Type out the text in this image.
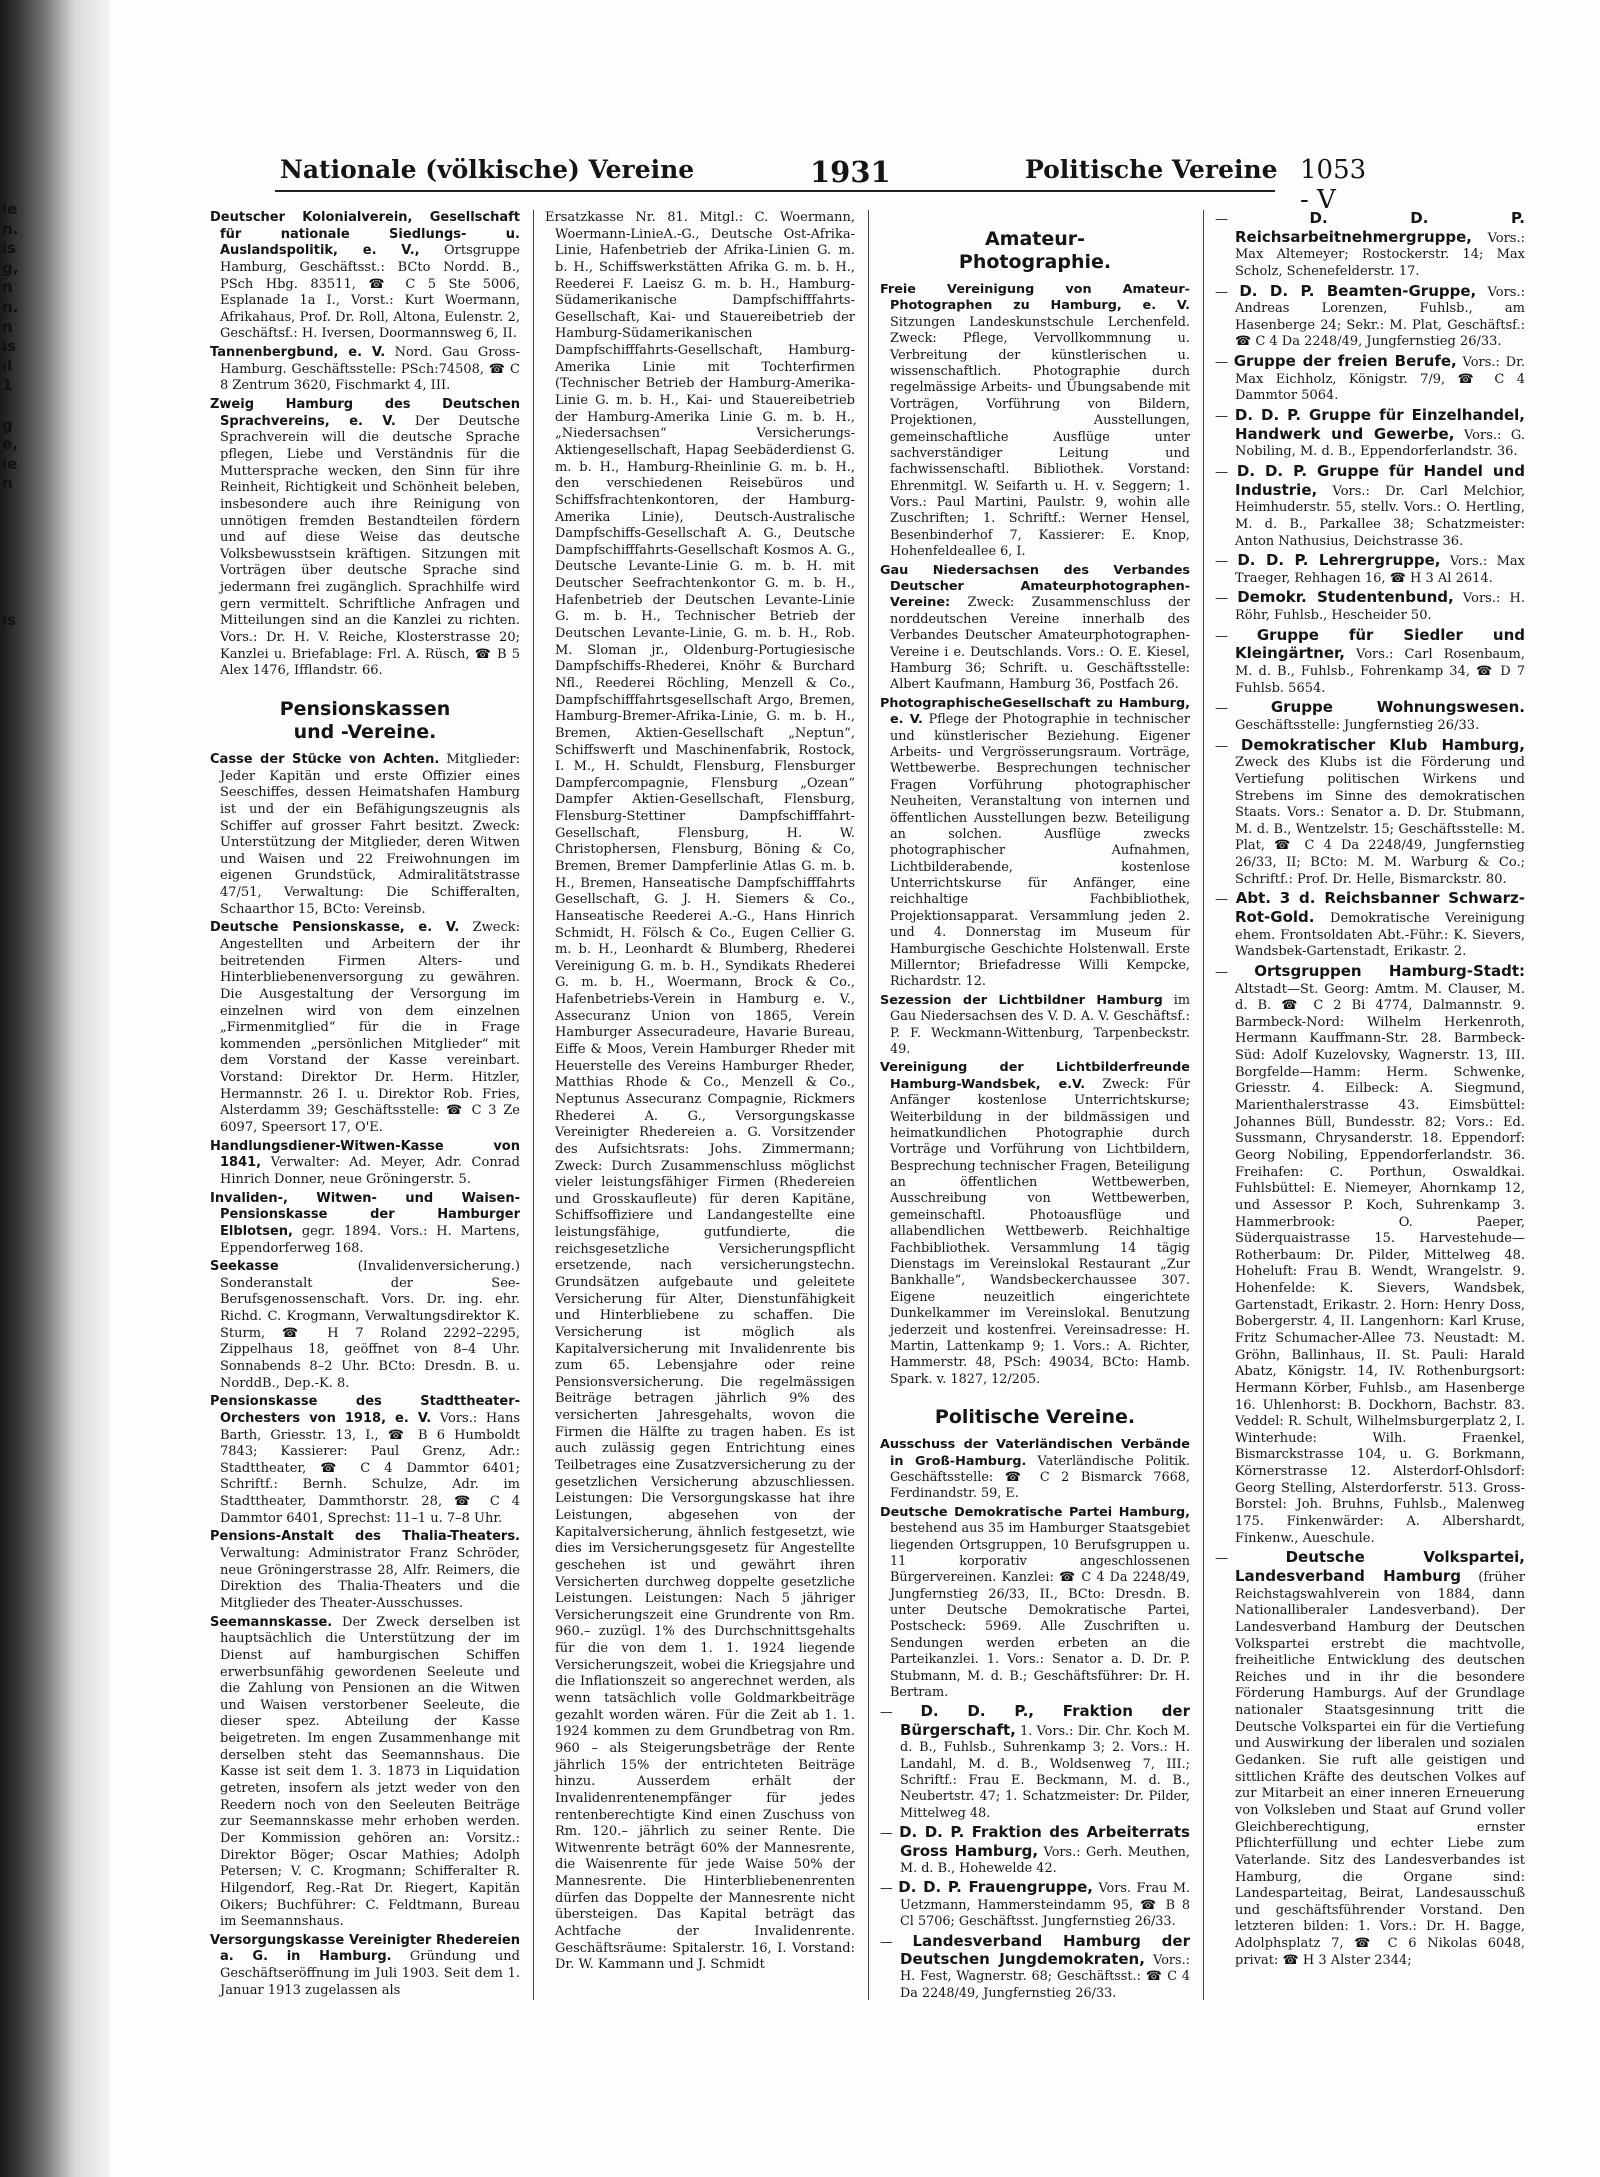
le
n.
is
g,
n
n.
n
ıs
ıl
1
g
e,
ie
n
ıs
Nationale (völkische) Vereine	1931	Politische Vereine 1053 - V
Deutscher Kolonialverein, Gesellschaft für nationale Siedlungs- u. Auslandspolitik, e. V., Ortsgruppe Hamburg, Geschäftsst.: BCto Nordd. B., PSch Hbg. 83511, ☎ C 5 Ste 5006, Esplanade 1a I., Vorst.: Kurt Woermann, Afrikahaus, Prof. Dr. Roll, Altona, Eulenstr. 2, Geschäftsf.: H. Iversen, Doormannsweg 6, II.
Tannenbergbund, e. V. Nord. Gau Gross-Hamburg. Geschäftsstelle: PSch:74508, ☎ C 8 Zentrum 3620, Fischmarkt 4, III.
Zweig Hamburg des Deutschen Sprachvereins, e. V. Der Deutsche Sprachverein will die deutsche Sprache pflegen, Liebe und Verständnis für die Muttersprache wecken, den Sinn für ihre Reinheit, Richtigkeit und Schönheit beleben, insbesondere auch ihre Reinigung von unnötigen fremden Bestandteilen fördern und auf diese Weise das deutsche Volksbewusstsein kräftigen. Sitzungen mit Vorträgen über deutsche Sprache sind jedermann frei zugänglich. Sprachhilfe wird gern vermittelt. Schriftliche Anfragen und Mitteilungen sind an die Kanzlei zu richten. Vors.: Dr. H. V. Reiche, Klosterstrasse 20; Kanzlei u. Briefablage: Frl. A. Rüsch, ☎ B 5 Alex 1476, Ifflandstr. 66.
Pensionskassen
und -Vereine.
Casse der Stücke von Achten. Mitglieder: Jeder Kapitän und erste Offizier eines Seeschiffes, dessen Heimatshafen Hamburg ist und der ein Befähigungszeugnis als Schiffer auf grosser Fahrt besitzt. Zweck: Unterstützung der Mitglieder, deren Witwen und Waisen und 22 Freiwohnungen im eigenen Grundstück, Admiralitätstrasse 47/51, Verwaltung: Die Schifferalten, Schaarthor 15, BCto: Vereinsb.
Deutsche Pensionskasse, e. V. Zweck: Angestellten und Arbeitern der ihr beitretenden Firmen Alters- und Hinterbliebenenversorgung zu gewähren. Die Ausgestaltung der Versorgung im einzelnen wird von dem einzelnen „Firmenmitglied“ für die in Frage kommenden „persönlichen Mitglieder“ mit dem Vorstand der Kasse vereinbart. Vorstand: Direktor Dr. Herm. Hitzler, Hermannstr. 26 I. u. Direktor Rob. Fries, Alsterdamm 39; Geschäftsstelle: ☎ C 3 Ze 6097, Speersort 17, O'E.
Handlungsdiener-Witwen-Kasse von 1841, Verwalter: Ad. Meyer, Adr. Conrad Hinrich Donner, neue Gröningerstr. 5.
Invaliden-, Witwen- und Waisen-Pensionskasse der Hamburger Elblotsen, gegr. 1894. Vors.: H. Martens, Eppendorferweg 168.
Seekasse (Invalidenversicherung.) Sonderanstalt der See-Berufsgenossenschaft. Vors. Dr. ing. ehr. Richd. C. Krogmann, Verwaltungsdirektor K. Sturm, ☎ H 7 Roland 2292–2295, Zippelhaus 18, geöffnet von 8–4 Uhr. Sonnabends 8–2 Uhr. BCto: Dresdn. B. u. NorddB., Dep.-K. 8.
Pensionskasse des Stadttheater-Orchesters von 1918, e. V. Vors.: Hans Barth, Griesstr. 13, I., ☎ B 6 Humboldt 7843; Kassierer: Paul Grenz, Adr.: Stadttheater, ☎ C 4 Dammtor 6401; Schriftf.: Bernh. Schulze, Adr. im Stadttheater, Dammthorstr. 28, ☎ C 4 Dammtor 6401, Sprechst: 11–1 u. 7–8 Uhr.
Pensions-Anstalt des Thalia-Theaters. Verwaltung: Administrator Franz Schröder, neue Gröningerstrasse 28, Alfr. Reimers, die Direktion des Thalia-Theaters und die Mitglieder des Theater-Ausschusses.
Seemannskasse. Der Zweck derselben ist hauptsächlich die Unterstützung der im Dienst auf hamburgischen Schiffen erwerbsunfähig gewordenen Seeleute und die Zahlung von Pensionen an die Witwen und Waisen verstorbener Seeleute, die dieser spez. Abteilung der Kasse beigetreten. Im engen Zusammenhange mit derselben steht das Seemannshaus. Die Kasse ist seit dem 1. 3. 1873 in Liquidation getreten, insofern als jetzt weder von den Reedern noch von den Seeleuten Beiträge zur Seemannskasse mehr erhoben werden. Der Kommission gehören an: Vorsitz.: Direktor Böger; Oscar Mathies; Adolph Petersen; V. C. Krogmann; Schifferalter R. Hilgendorf, Reg.-Rat Dr. Riegert, Kapitän Oikers; Buchführer: C. Feldtmann, Bureau im Seemannshaus.
Versorgungskasse Vereinigter Rhedereien a. G. in Hamburg. Gründung und Geschäftseröffnung im Juli 1903. Seit dem 1. Januar 1913 zugelassen als
Ersatzkasse Nr. 81. Mitgl.: C. Woermann, Woermann-LinieA.-G., Deutsche Ost-Afrika-Linie, Hafenbetrieb der Afrika-Linien G. m. b. H., Schiffswerkstätten Afrika G. m. b. H., Reederei F. Laeisz G. m. b. H., Hamburg-Südamerikanische Dampfschifffahrts-Gesellschaft, Kai- und Stauereibetrieb der Hamburg-Südamerikanischen Dampfschifffahrts-Gesellschaft, Hamburg-Amerika Linie mit Tochterfirmen (Technischer Betrieb der Hamburg-Amerika-Linie G. m. b. H., Kai- und Stauereibetrieb der Hamburg-Amerika Linie G. m. b. H., „Niedersachsen“ Versicherungs-Aktiengesellschaft, Hapag Seebäderdienst G. m. b. H., Hamburg-Rheinlinie G. m. b. H., den verschiedenen Reisebüros und Schiffsfrachtenkontoren, der Hamburg-Amerika Linie), Deutsch-Australische Dampfschiffs-Gesellschaft A. G., Deutsche Dampfschifffahrts-Gesellschaft Kosmos A. G., Deutsche Levante-Linie G. m. b. H. mit Deutscher Seefrachtenkontor G. m. b. H., Hafenbetrieb der Deutschen Levante-Linie G. m. b. H., Technischer Betrieb der Deutschen Levante-Linie, G. m. b. H., Rob. M. Sloman jr., Oldenburg-Portugiesische Dampfschiffs-Rhederei, Knöhr & Burchard Nfl., Reederei Röchling, Menzell & Co., Dampfschifffahrtsgesellschaft Argo, Bremen, Hamburg-Bremer-Afrika-Linie, G. m. b. H., Bremen, Aktien-Gesellschaft „Neptun“, Schiffswerft und Maschinenfabrik, Rostock, I. M., H. Schuldt, Flensburg, Flensburger Dampfercompagnie, Flensburg „Ozean“ Dampfer Aktien-Gesellschaft, Flensburg, Flensburg-Stettiner Dampfschifffahrt-Gesellschaft, Flensburg, H. W. Christophersen, Flensburg, Böning & Co, Bremen, Bremer Dampferlinie Atlas G. m. b. H., Bremen, Hanseatische Dampfschifffahrts Gesellschaft, G. J. H. Siemers & Co., Hanseatische Reederei A.-G., Hans Hinrich Schmidt, H. Fölsch & Co., Eugen Cellier G. m. b. H., Leonhardt & Blumberg, Rhederei Vereinigung G. m. b. H., Syndikats Rhederei G. m. b. H., Woermann, Brock & Co., Hafenbetriebs-Verein in Hamburg e. V., Assecuranz Union von 1865, Verein Hamburger Assecuradeure, Havarie Bureau, Eiffe & Moos, Verein Hamburger Rheder mit Heuerstelle des Vereins Hamburger Rheder, Matthias Rhode & Co., Menzell & Co., Neptunus Assecuranz Compagnie, Rickmers Rhederei A. G., Versorgungskasse Vereinigter Rhedereien a. G. Vorsitzender des Aufsichtsrats: Johs. Zimmermann; Zweck: Durch Zusammenschluss möglichst vieler leistungsfähiger Firmen (Rhedereien und Grosskaufleute) für deren Kapitäne, Schiffsoffiziere und Landangestellte eine leistungsfähige, gutfundierte, die reichsgesetzliche Versicherungspflicht ersetzende, nach versicherungstechn. Grundsätzen aufgebaute und geleitete Versicherung für Alter, Dienstunfähigkeit und Hinterbliebene zu schaffen. Die Versicherung ist möglich als Kapitalversicherung mit Invalidenrente bis zum 65. Lebensjahre oder reine Pensionsversicherung. Die regelmässigen Beiträge betragen jährlich 9% des versicherten Jahresgehalts, wovon die Firmen die Hälfte zu tragen haben. Es ist auch zulässig gegen Entrichtung eines Teilbetrages eine Zusatzversicherung zu der gesetzlichen Versicherung abzuschliessen. Leistungen: Die Versorgungskasse hat ihre Leistungen, abgesehen von der Kapitalversicherung, ähnlich festgesetzt, wie dies im Versicherungsgesetz für Angestellte geschehen ist und gewährt ihren Versicherten durchweg doppelte gesetzliche Leistungen. Leistungen: Nach 5 jähriger Versicherungszeit eine Grundrente von Rm. 960.– zuzügl. 1% des Durchschnittsgehalts für die von dem 1. 1. 1924 liegende Versicherungszeit, wobei die Kriegsjahre und die Inflationszeit so angerechnet werden, als wenn tatsächlich volle Goldmarkbeiträge gezahlt worden wären. Für die Zeit ab 1. 1. 1924 kommen zu dem Grundbetrag von Rm. 960 – als Steigerungsbeträge der Rente jährlich 15% der entrichteten Beiträge hinzu. Ausserdem erhält der Invalidenrentenempfänger für jedes rentenberechtigte Kind einen Zuschuss von Rm. 120.– jährlich zu seiner Rente. Die Witwenrente beträgt 60% der Mannesrente, die Waisenrente für jede Waise 50% der Mannesrente. Die Hinterbliebenenrenten dürfen das Doppelte der Mannesrente nicht übersteigen. Das Kapital beträgt das Achtfache der Invalidenrente. Geschäftsräume: Spitalerstr. 16, I. Vorstand: Dr. W. Kammann und J. Schmidt
Amateur-
Photographie.
Freie Vereinigung von Amateur-Photographen zu Hamburg, e. V. Sitzungen Landeskunstschule Lerchenfeld. Zweck: Pflege, Vervollkommnung u. Verbreitung der künstlerischen u. wissenschaftlich. Photographie durch regelmässige Arbeits- und Übungsabende mit Vorträgen, Vorführung von Bildern, Projektionen, Ausstellungen, gemeinschaftliche Ausflüge unter sachverständiger Leitung und fachwissenschaftl. Bibliothek. Vorstand: Ehrenmitgl. W. Seifarth u. H. v. Seggern; 1. Vors.: Paul Martini, Paulstr. 9, wohin alle Zuschriften; 1. Schriftf.: Werner Hensel, Besenbinderhof 7, Kassierer: E. Knop, Hohenfeldeallee 6, I.
Gau Niedersachsen des Verbandes Deutscher Amateurphotographen-Vereine: Zweck: Zusammenschluss der norddeutschen Vereine innerhalb des Verbandes Deutscher Amateurphotographen-Vereine i e. Deutschlands. Vors.: O. E. Kiesel, Hamburg 36; Schrift. u. Geschäftsstelle: Albert Kaufmann, Hamburg 36, Postfach 26.
PhotographischeGesellschaft zu Hamburg, e. V. Pflege der Photographie in technischer und künstlerischer Beziehung. Eigener Arbeits- und Vergrösserungsraum. Vorträge, Wettbewerbe. Besprechungen technischer Fragen Vorführung photographischer Neuheiten, Veranstaltung von internen und öffentlichen Ausstellungen bezw. Beteiligung an solchen. Ausflüge zwecks photographischer Aufnahmen, Lichtbilderabende, kostenlose Unterrichtskurse für Anfänger, eine reichhaltige Fachbibliothek, Projektionsapparat. Versammlung jeden 2. und 4. Donnerstag im Museum für Hamburgische Geschichte Holstenwall. Erste Millerntor; Briefadresse Willi Kempcke, Richardstr. 12.
Sezession der Lichtbildner Hamburg im Gau Niedersachsen des V. D. A. V. Geschäftsf.: P. F. Weckmann-Wittenburg, Tarpenbeckstr. 49.
Vereinigung der Lichtbilderfreunde Hamburg-Wandsbek, e.V. Zweck: Für Anfänger kostenlose Unterrichtskurse; Weiterbildung in der bildmässigen und heimatkundlichen Photographie durch Vorträge und Vorführung von Lichtbildern, Besprechung technischer Fragen, Beteiligung an öffentlichen Wettbewerben, Ausschreibung von Wettbewerben, gemeinschaftl. Photoausflüge und allabendlichen Wettbewerb. Reichhaltige Fachbibliothek. Versammlung 14 tägig Dienstags im Vereinslokal Restaurant „Zur Bankhalle“, Wandsbeckerchaussee 307. Eigene neuzeitlich eingerichtete Dunkelkammer im Vereinslokal. Benutzung jederzeit und kostenfrei. Vereinsadresse: H. Martin, Lattenkamp 9; 1. Vors.: A. Richter, Hammerstr. 48, PSch: 49034, BCto: Hamb. Spark. v. 1827, 12/205.
Politische Vereine.
Ausschuss der Vaterländischen Verbände in Groß-Hamburg. Vaterländische Politik. Geschäftsstelle: ☎ C 2 Bismarck 7668, Ferdinandstr. 59, E.
Deutsche Demokratische Partei Hamburg, bestehend aus 35 im Hamburger Staatsgebiet liegenden Ortsgruppen, 10 Berufsgruppen u. 11 korporativ angeschlossenen Bürgervereinen. Kanzlei: ☎ C 4 Da 2248/49, Jungfernstieg 26/33, II., BCto: Dresdn. B. unter Deutsche Demokratische Partei, Postscheck: 5969. Alle Zuschriften u. Sendungen werden erbeten an die Parteikanzlei. 1. Vors.: Senator a. D. Dr. P. Stubmann, M. d. B.; Geschäftsführer: Dr. H. Bertram.
— D. D. P., Fraktion der Bürgerschaft, 1. Vors.: Dir. Chr. Koch M. d. B., Fuhlsb., Suhrenkamp 3; 2. Vors.: H. Landahl, M. d. B., Woldsenweg 7, III.; Schriftf.: Frau E. Beckmann, M. d. B., Neubertstr. 47; 1. Schatzmeister: Dr. Pilder, Mittelweg 48.
— D. D. P. Fraktion des Arbeiterrats Gross Hamburg, Vors.: Gerh. Meuthen, M. d. B., Hohewelde 42.
— D. D. P. Frauengruppe, Vors. Frau M. Uetzmann, Hammersteindamm 95, ☎ B 8 Cl 5706; Geschäftsst. Jungfernstieg 26/33.
— Landesverband Hamburg der Deutschen Jungdemokraten, Vors.: H. Fest, Wagnerstr. 68; Geschäftsst.: ☎ C 4 Da 2248/49, Jungfernstieg 26/33.
— D. D. P. Reichsarbeitnehmergruppe, Vors.: Max Altemeyer; Rostockerstr. 14; Max Scholz, Schenefelderstr. 17.
— D. D. P. Beamten-Gruppe, Vors.: Andreas Lorenzen, Fuhlsb., am Hasenberge 24; Sekr.: M. Plat, Geschäftsf.: ☎ C 4 Da 2248/49, Jungfernstieg 26/33.
— Gruppe der freien Berufe, Vors.: Dr. Max Eichholz, Königstr. 7/9, ☎ C 4 Dammtor 5064.
— D. D. P. Gruppe für Einzelhandel, Handwerk und Gewerbe, Vors.: G. Nobiling, M. d. B., Eppendorferlandstr. 36.
— D. D. P. Gruppe für Handel und Industrie, Vors.: Dr. Carl Melchior, Heimhuderstr. 55, stellv. Vors.: O. Hertling, M. d. B., Parkallee 38; Schatzmeister: Anton Nathusius, Deichstrasse 36.
— D. D. P. Lehrergruppe, Vors.: Max Traeger, Rehhagen 16, ☎ H 3 Al 2614.
— Demokr. Studentenbund, Vors.: H. Röhr, Fuhlsb., Hescheider 50.
— Gruppe für Siedler und Kleingärtner, Vors.: Carl Rosenbaum, M. d. B., Fuhlsb., Fohrenkamp 34, ☎ D 7 Fuhlsb. 5654.
— Gruppe Wohnungswesen. Geschäftsstelle: Jungfernstieg 26/33.
— Demokratischer Klub Hamburg, Zweck des Klubs ist die Förderung und Vertiefung politischen Wirkens und Strebens im Sinne des demokratischen Staats. Vors.: Senator a. D. Dr. Stubmann, M. d. B., Wentzelstr. 15; Geschäftsstelle: M. Plat, ☎ C 4 Da 2248/49, Jungfernstieg 26/33, II; BCto: M. M. Warburg & Co.; Schriftf.: Prof. Dr. Helle, Bismarckstr. 80.
— Abt. 3 d. Reichsbanner Schwarz-Rot-Gold. Demokratische Vereinigung ehem. Frontsoldaten Abt.-Führ.: K. Sievers, Wandsbek-Gartenstadt, Erikastr. 2.
— Ortsgruppen Hamburg-Stadt: Altstadt—St. Georg: Amtm. M. Clauser, M. d. B. ☎ C 2 Bi 4774, Dalmannstr. 9. Barmbeck-Nord: Wilhelm Herkenroth, Hermann Kauffmann-Str. 28. Barmbeck-Süd: Adolf Kuzelovsky, Wagnerstr. 13, III. Borgfelde—Hamm: Herm. Schwenke, Griesstr. 4. Eilbeck: A. Siegmund, Marienthalerstrasse 43. Eimsbüttel: Johannes Büll, Bundesstr. 82; Vors.: Ed. Sussmann, Chrysanderstr. 18. Eppendorf: Georg Nobiling, Eppendorferlandstr. 36. Freihafen: C. Porthun, Oswaldkai. Fuhlsbüttel: E. Niemeyer, Ahornkamp 12, und Assessor P. Koch, Suhrenkamp 3. Hammerbrook: O. Paeper, Süderquaistrasse 15. Harvestehude—Rotherbaum: Dr. Pilder, Mittelweg 48. Hoheluft: Frau B. Wendt, Wrangelstr. 9. Hohenfelde: K. Sievers, Wandsbek, Gartenstadt, Erikastr. 2. Horn: Henry Doss, Bobergerstr. 4, II. Langenhorn: Karl Kruse, Fritz Schumacher-Allee 73. Neustadt: M. Gröhn, Ballinhaus, II. St. Pauli: Harald Abatz, Königstr. 14, IV. Rothenburgsort: Hermann Körber, Fuhlsb., am Hasenberge 16. Uhlenhorst: B. Dockhorn, Bachstr. 83. Veddel: R. Schult, Wilhelmsburgerplatz 2, I. Winterhude: Wilh. Fraenkel, Bismarckstrasse 104, u. G. Borkmann, Körnerstrasse 12. Alsterdorf-Ohlsdorf: Georg Stelling, Alsterdorferstr. 513. Gross-Borstel: Joh. Bruhns, Fuhlsb., Malenweg 175. Finkenwärder: A. Albershardt, Finkenw., Aueschule.
— Deutsche Volkspartei, Landesverband Hamburg (früher Reichstagswahlverein von 1884, dann Nationalliberaler Landesverband). Der Landesverband Hamburg der Deutschen Volkspartei erstrebt die machtvolle, freiheitliche Entwicklung des deutschen Reiches und in ihr die besondere Förderung Hamburgs. Auf der Grundlage nationaler Staatsgesinnung tritt die Deutsche Volkspartei ein für die Vertiefung und Auswirkung der liberalen und sozialen Gedanken. Sie ruft alle geistigen und sittlichen Kräfte des deutschen Volkes auf zur Mitarbeit an einer inneren Erneuerung von Volksleben und Staat auf Grund voller Gleichberechtigung, ernster Pflichterfüllung und echter Liebe zum Vaterlande. Sitz des Landesverbandes ist Hamburg, die Organe sind: Landesparteitag, Beirat, Landesausschuß und geschäftsführender Vorstand. Den letzteren bilden: 1. Vors.: Dr. H. Bagge, Adolphsplatz 7, ☎ C 6 Nikolas 6048, privat: ☎ H 3 Alster 2344;
